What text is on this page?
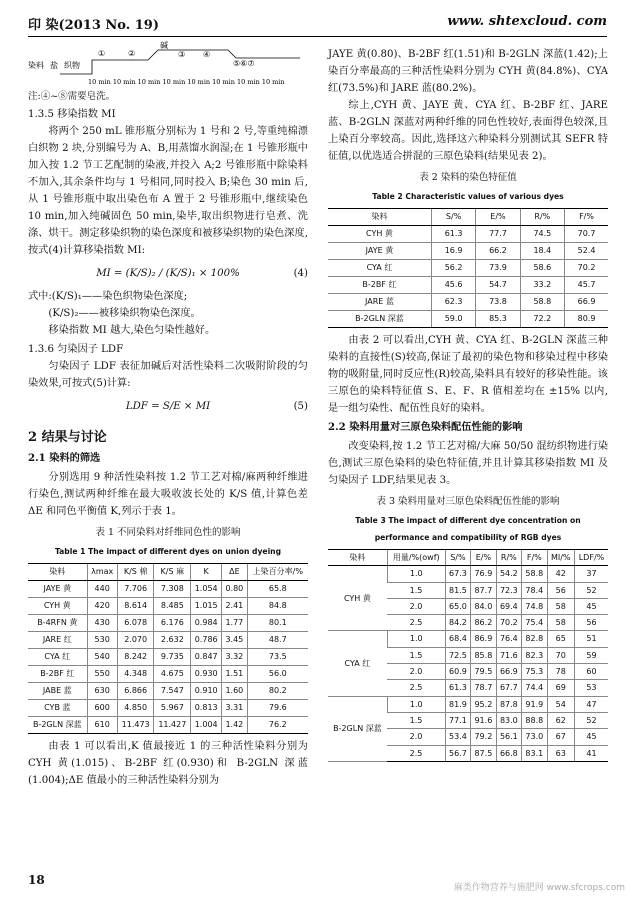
印 染(2013 No. 19)	www. shtexcloud. com
染料 盐 织物
①	②
碱
③ ④
⑤⑥⑦
10 min 10 min 10 min 10 min 10 min 10 min 10 min 10 min
注:④~⑧需要皂洗。
1.3.5 移染指数 MI

将两个 250 mL 锥形瓶分别标为 1 号和 2 号,等重纯棉漂白织物 2 块,分别编号为 A、B,用蒸馏水润湿;在 1 号锥形瓶中加入按 1.2 节工艺配制的染液,并投入 A;2 号锥形瓶中除染料不加入,其余条件均与 1 号相同,同时投入 B;染色 30 min 后,从 1 号锥形瓶中取出染色布 A 置于 2 号锥形瓶中,继续染色 10 min,加入纯碱固色 50 min,染毕,取出织物进行皂煮、洗涤、烘干。测定移染织物的染色深度和被移染织物的染色深度,按式(4)计算移染指数 MI:

MI = (K/S)₂ / (K/S)₁ × 100%	(4)

式中:(K/S)₁——染色织物染色深度;

(K/S)₂——被移染织物染色深度。

移染指数 MI 越大,染色匀染性越好。

1.3.6 匀染因子 LDF

匀染因子 LDF 表征加碱后对活性染料二次吸附阶段的匀染效果,可按式(5)计算:

LDF = S/E × MI	(5)
2 结果与讨论
2.1 染料的筛选

分别选用 9 种活性染料按 1.2 节工艺对棉/麻两种纤维进行染色,测试两种纤维在最大吸收波长处的 K/S 值,计算色差 ΔE 和同色平衡值 K,列示于表 1。

表 1 不同染料对纤维同色性的影响
Table 1 The impact of different dyes on union dyeing
染料	λmax	K/S 棉	K/S 麻	K	ΔE	上染百分率/%
JAYE 黄	440	7.706	7.308	1.054	0.80	65.8
CYH 黄	420	8.614	8.485	1.015	2.41	84.8
B-4RFN 黄	430	6.078	6.176	0.984	1.77	80.1
JARE 红	530	2.070	2.632	0.786	3.45	48.7
CYA 红	540	8.242	9.735	0.847	3.32	73.5
B-2BF 红	550	4.348	4.675	0.930	1.51	56.0
JABE 蓝	630	6.866	7.547	0.910	1.60	80.2
CYB 蓝	600	4.850	5.967	0.813	3.31	79.6
B-2GLN 深蓝	610	11.473	11.427	1.004	1.42	76.2

由表 1 可以看出,K 值最接近 1 的三种活性染料分别为 CYH 黄(1.015)、B-2BF 红(0.930)和 B-2GLN 深蓝(1.004);ΔE 值最小的三种活性染料分别为

JAYE 黄(0.80)、B-2BF 红(1.51)和 B-2GLN 深蓝(1.42);上染百分率最高的三种活性染料分别为 CYH 黄(84.8%)、CYA 红(73.5%)和 JARE 蓝(80.2%)。

综上,CYH 黄、JAYE 黄、CYA 红、B-2BF 红、JARE 蓝、B-2GLN 深蓝对两种纤维的同色性较好,表面得色较深,且上染百分率较高。因此,选择这六种染料分别测试其 SEFR 特征值,以优选适合拼混的三原色染料(结果见表 2)。

表 2 染料的染色特征值
Table 2 Characteristic values of various dyes
染料	S/%	E/%	R/%	F/%
CYH 黄	61.3	77.7	74.5	70.7
JAYE 黄	16.9	66.2	18.4	52.4
CYA 红	56.2	73.9	58.6	70.2
B-2BF 红	45.6	54.7	33.2	45.7
JARE 蓝	62.3	73.8	58.8	66.9
B-2GLN 深蓝	59.0	85.3	72.2	80.9

由表 2 可以看出,CYH 黄、CYA 红、B-2GLN 深蓝三种染料的直接性(S)较高,保证了最初的染色物和移染过程中移染物的吸附量,同时反应性(R)较高,染料具有较好的移染性能。该三原色的染料特征值 S、E、F、R 值相差均在 ±15% 以内,是一组匀染性、配伍性良好的染料。

2.2 染料用量对三原色染料配伍性能的影响

改变染料,按 1.2 节工艺对棉/大麻 50/50 混纺织物进行染色,测试三原色染料的染色特征值,并且计算其移染指数 MI 及匀染因子 LDF,结果见表 3。

表 3 染料用量对三原色染料配伍性能的影响
Table 3 The impact of different dye concentration on performance and compatibility of RGB dyes
染料	用量/%(owf)	S/%	E/%	R/%	F/%	MI/%	LDF/%
CYH 黄	1.0	67.3	76.9	54.2	58.8	42	37
	1.5	81.5	87.7	72.3	78.4	56	52
	2.0	65.0	84.0	69.4	74.8	58	45
	2.5	84.2	86.2	70.2	75.4	58	56
CYA 红	1.0	68.4	86.9	76.4	82.8	65	51
	1.5	72.5	85.8	71.6	82.3	70	59
	2.0	60.9	79.5	66.9	75.3	78	60
	2.5	61.3	78.7	67.7	74.4	69	53
B-2GLN 深蓝	1.0	81.9	95.2	87.8	91.9	54	47
	1.5	77.1	91.6	83.0	88.8	62	52
	2.0	53.4	79.2	56.1	73.0	67	45
	2.5	56.7	87.5	66.8	83.1	63	41
18
麻类作物营养与施肥网 www.sfcrops.com
